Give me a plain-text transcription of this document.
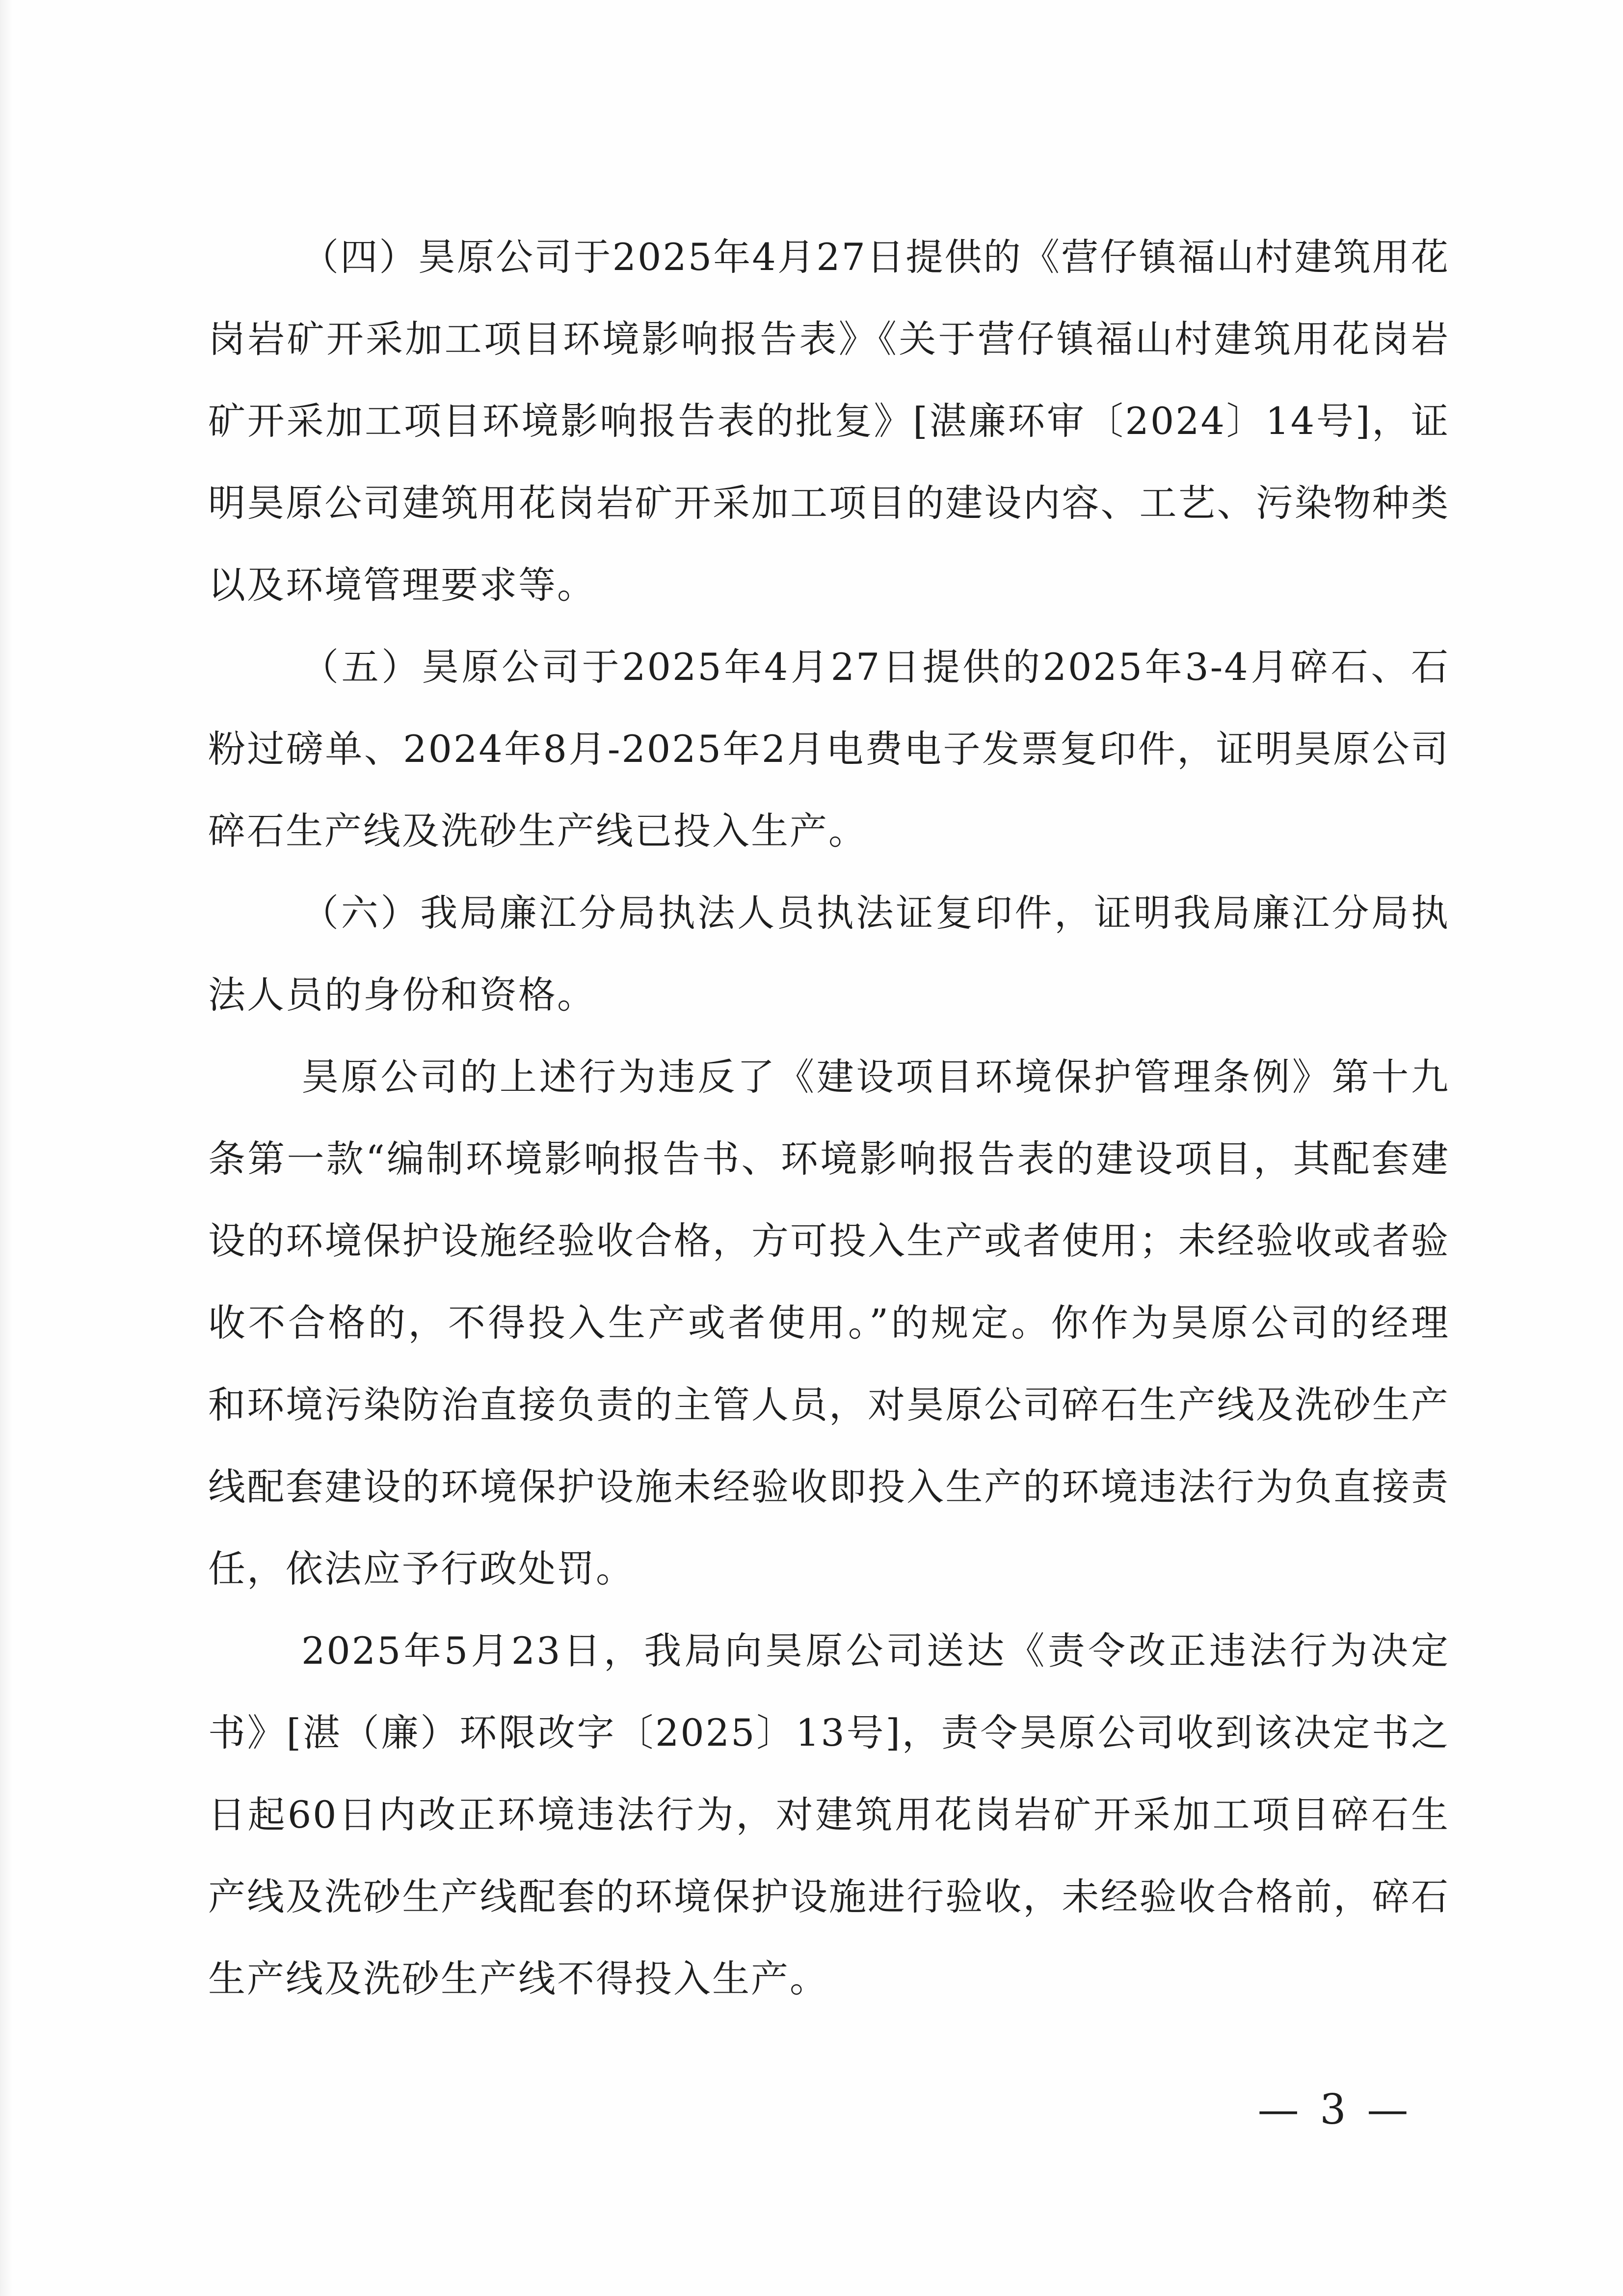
（四）昊原公司于2025年4月27日提供的《营仔镇福山村建筑用花岗岩矿开采加工项目环境影响报告表》《关于营仔镇福山村建筑用花岗岩矿开采加工项目环境影响报告表的批复》[湛廉环审〔2024〕14号]，证明昊原公司建筑用花岗岩矿开采加工项目的建设内容、工艺、污染物种类以及环境管理要求等。

（五）昊原公司于2025年4月27日提供的2025年3-4月碎石、石粉过磅单、2024年8月-2025年2月电费电子发票复印件，证明昊原公司碎石生产线及洗砂生产线已投入生产。

（六）我局廉江分局执法人员执法证复印件，证明我局廉江分局执法人员的身份和资格。

昊原公司的上述行为违反了《建设项目环境保护管理条例》第十九条第一款“编制环境影响报告书、环境影响报告表的建设项目，其配套建设的环境保护设施经验收合格，方可投入生产或者使用；未经验收或者验收不合格的，不得投入生产或者使用。”的规定。你作为昊原公司的经理和环境污染防治直接负责的主管人员，对昊原公司碎石生产线及洗砂生产线配套建设的环境保护设施未经验收即投入生产的环境违法行为负直接责任，依法应予行政处罚。

2025年5月23日，我局向昊原公司送达《责令改正违法行为决定书》[湛（廉）环限改字〔2025〕13号]，责令昊原公司收到该决定书之日起60日内改正环境违法行为，对建筑用花岗岩矿开采加工项目碎石生产线及洗砂生产线配套的环境保护设施进行验收，未经验收合格前，碎石生产线及洗砂生产线不得投入生产。

— 3 —
